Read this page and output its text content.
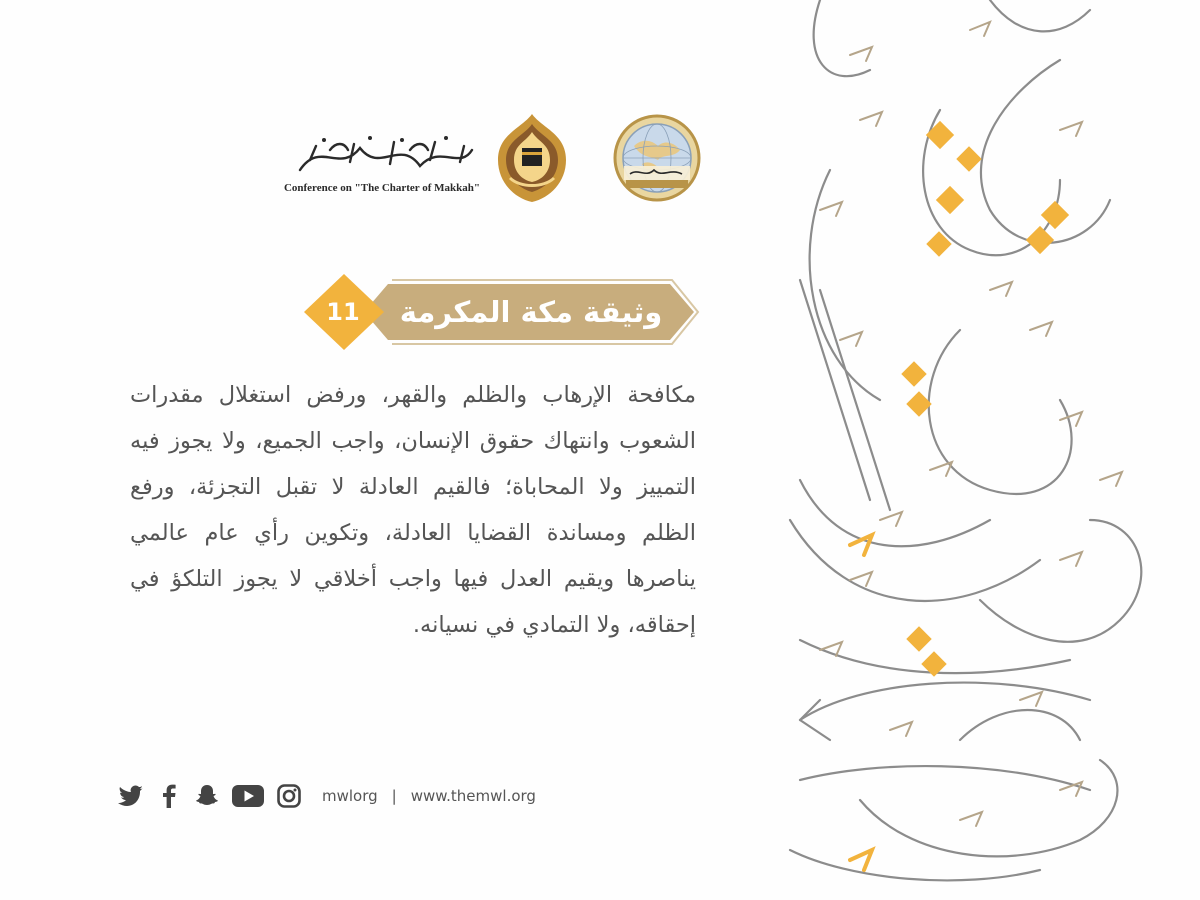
Conference on "The Charter of Makkah"
وثيقة مكة المكرمة
11
مكافحة الإرهاب والظلم والقهر، ورفض استغلال مقدرات الشعوب وانتهاك حقوق الإنسان، واجب الجميع، ولا يجوز فيه التمييز ولا المحاباة؛ فالقيم العادلة لا تقبل التجزئة، ورفع الظلم ومساندة القضايا العادلة، وتكوين رأي عام عالمي يناصرها ويقيم العدل فيها واجب أخلاقي لا يجوز التلكؤ في إحقاقه، ولا التمادي في نسيانه.
mwlorg | www.themwl.org
